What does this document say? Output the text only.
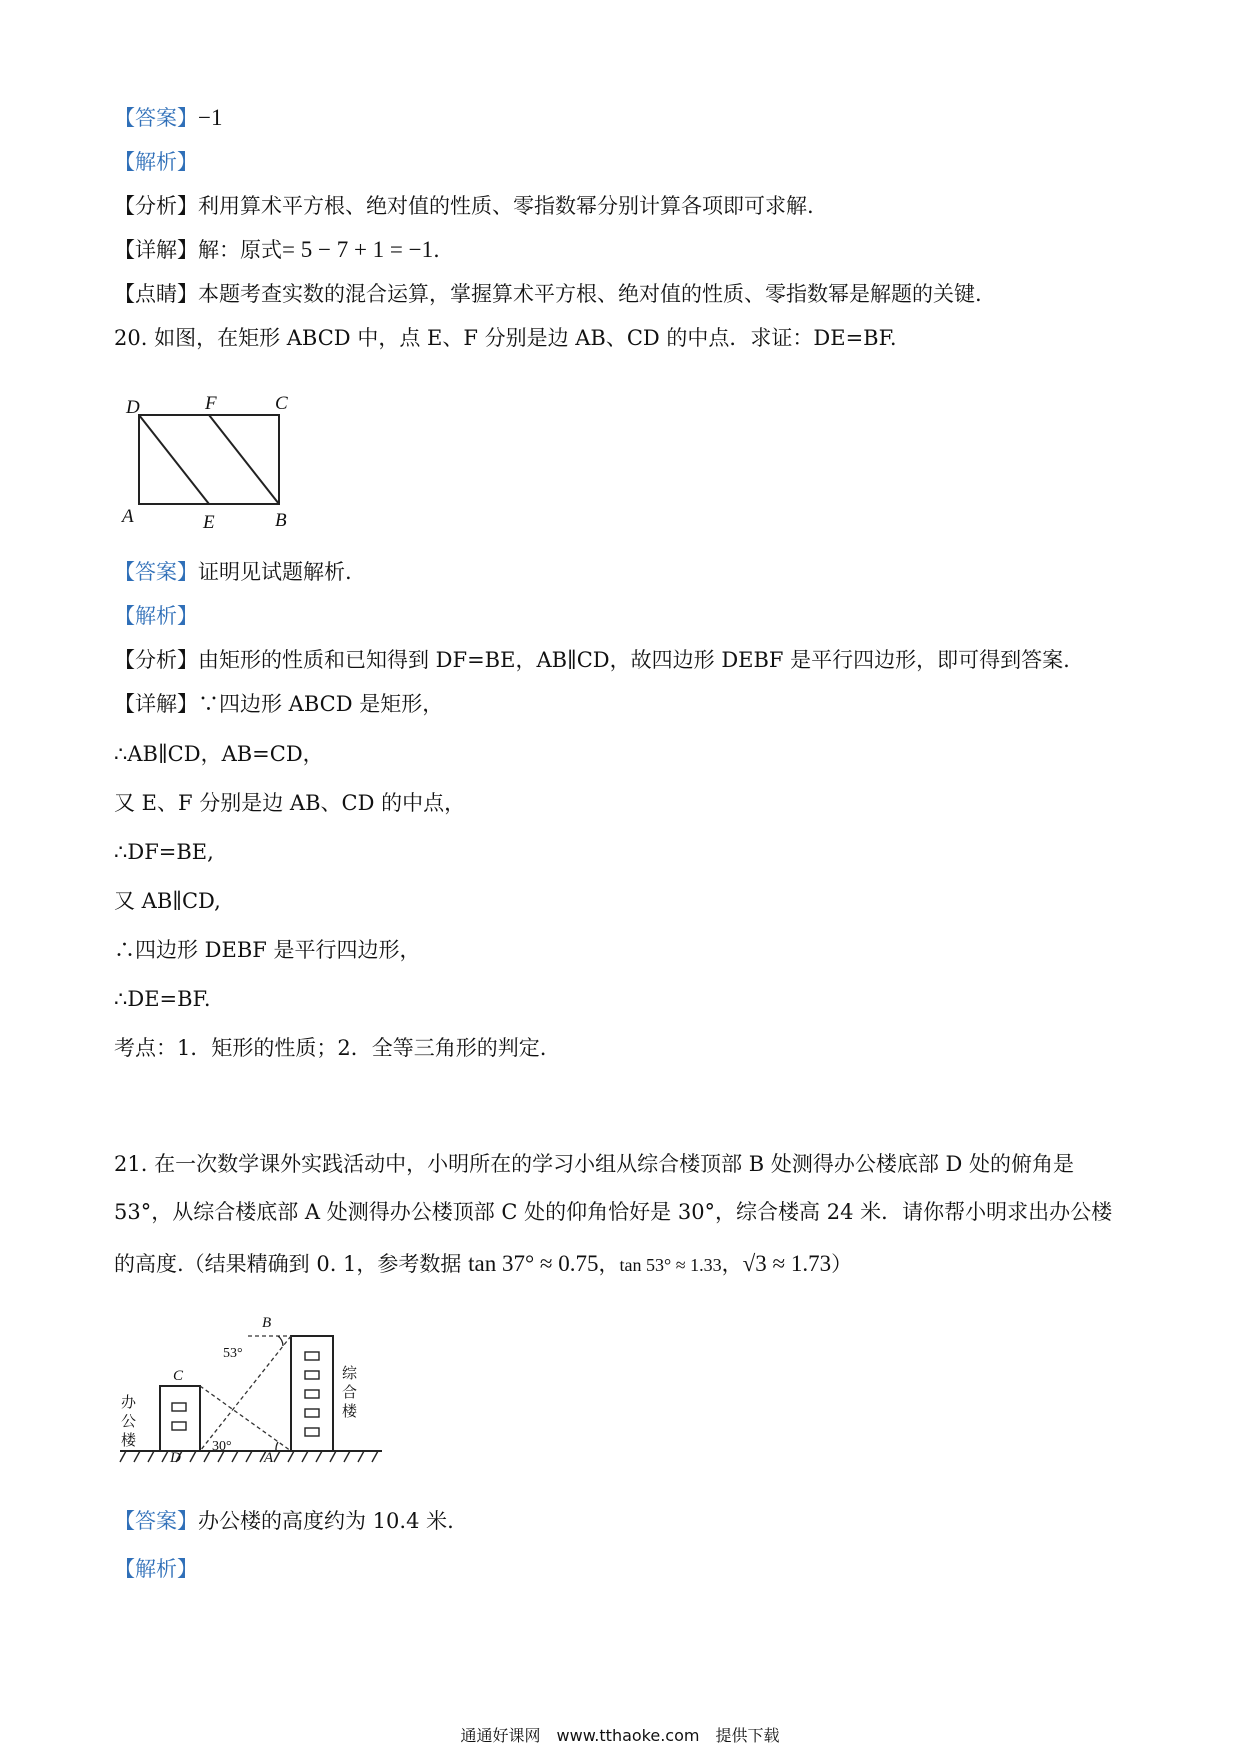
【答案】−1
【解析】
【分析】利用算术平方根、绝对值的性质、零指数幂分别计算各项即可求解.
【详解】解：原式= 5 − 7 + 1 = −1.
【点睛】本题考查实数的混合运算，掌握算术平方根、绝对值的性质、零指数幂是解题的关键.
20. 如图，在矩形 ABCD 中，点 E、F 分别是边 AB、CD 的中点．求证：DE=BF.
D	F	C
A	E	B
【答案】证明见试题解析.
【解析】
【分析】由矩形的性质和已知得到 DF=BE，AB∥CD，故四边形 DEBF 是平行四边形，即可得到答案.
【详解】∵四边形 ABCD 是矩形，
∴AB∥CD，AB=CD，
又 E、F 分别是边 AB、CD 的中点，
∴DF=BE,
又 AB∥CD,
∴四边形 DEBF 是平行四边形，
∴DE=BF.
考点：1．矩形的性质；2．全等三角形的判定.
21. 在一次数学课外实践活动中，小明所在的学习小组从综合楼顶部 B 处测得办公楼底部 D 处的俯角是
53°，从综合楼底部 A 处测得办公楼顶部 C 处的仰角恰好是 30°，综合楼高 24 米．请你帮小明求出办公楼
的高度.（结果精确到 0. 1，参考数据 tan 37° ≈ 0.75，tan 53° ≈ 1.33，√3 ≈ 1.73）
B
C
D	A
53°
30°
办
公
楼
综
合
楼
【答案】办公楼的高度约为 10.4 米.
【解析】
通通好课网　www.tthaoke.com　提供下载
